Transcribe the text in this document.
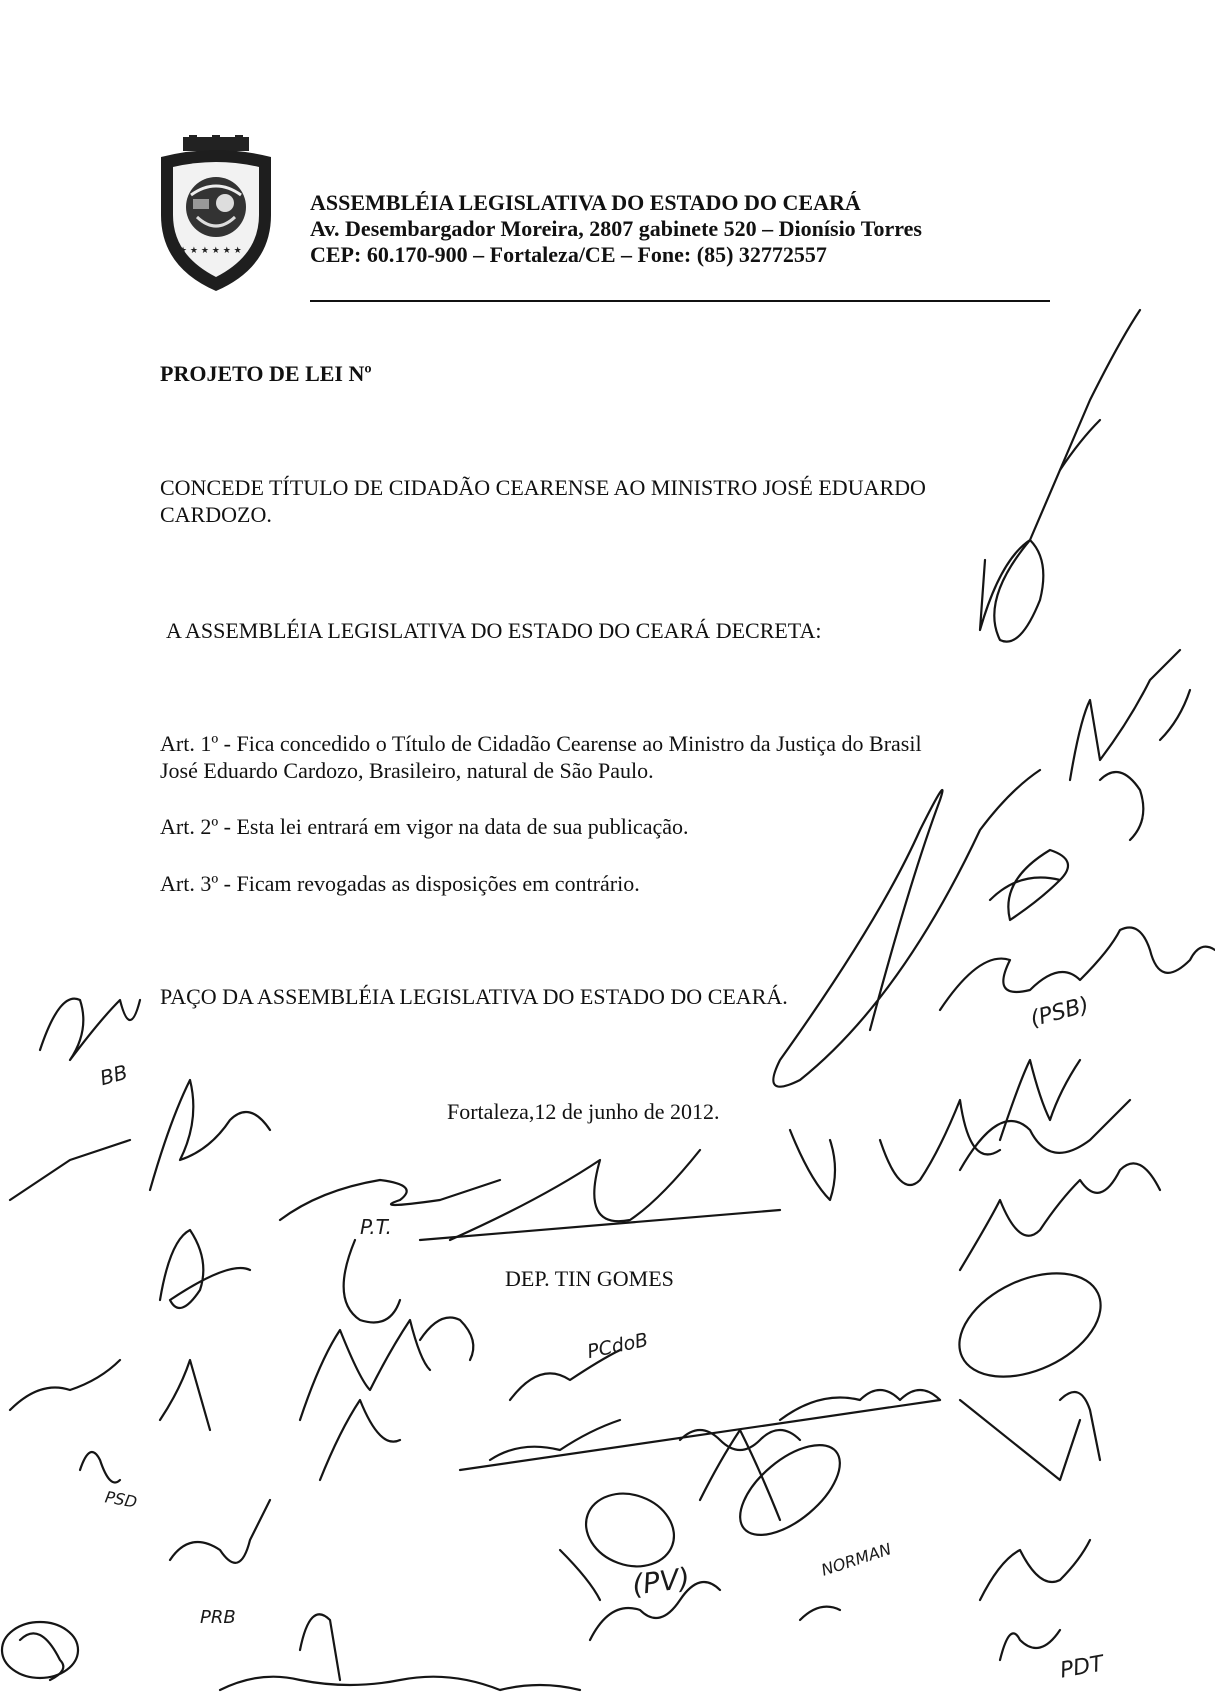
★ ★ ★ ★ ★ ★
ASSEMBLÉIA LEGISLATIVA DO ESTADO DO CEARÁ
Av. Desembargador Moreira, 2807 gabinete 520 – Dionísio Torres
CEP: 60.170-900 – Fortaleza/CE – Fone: (85) 32772557
PROJETO DE LEI Nº
CONCEDE TÍTULO DE CIDADÃO CEARENSE AO MINISTRO JOSÉ EDUARDO
CARDOZO.
A ASSEMBLÉIA LEGISLATIVA DO ESTADO DO CEARÁ DECRETA:
Art. 1º - Fica concedido o Título de Cidadão Cearense ao Ministro da Justiça do Brasil
José Eduardo Cardozo, Brasileiro, natural de São Paulo.
Art. 2º - Esta lei entrará em vigor na data de sua publicação.
Art. 3º - Ficam revogadas as disposições em contrário.
PAÇO DA ASSEMBLÉIA LEGISLATIVA DO ESTADO DO CEARÁ.
Fortaleza,12 de junho de 2012.
DEP. TIN GOMES
BB
P.T.
PCdoB
PSD
(PV)
PRB
PDT
(PSB)
NORMAN
